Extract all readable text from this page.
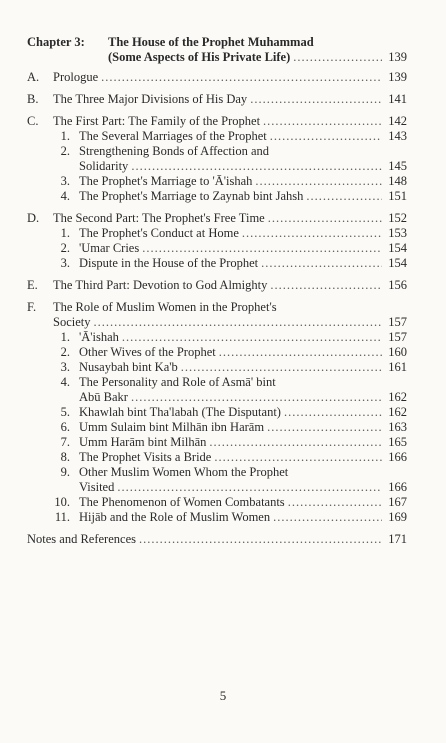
Chapter 3: The House of the Prophet Muhammad
(Some Aspects of His Private Life) .....	139
A.	Prologue .....	139
B.	The Three Major Divisions of His Day .....	141
C.	The First Part: The Family of the Prophet .....	142
1. The Several Marriages of the Prophet .....	143
2. Strengthening Bonds of Affection and
Solidarity .....	145
3. The Prophet's Marriage to 'Ā'ishah .....	148
4. The Prophet's Marriage to Zaynab bint Jahsh .....	151
D.	The Second Part: The Prophet's Free Time .....	152
1. The Prophet's Conduct at Home .....	153
2. 'Umar Cries .....	154
3. Dispute in the House of the Prophet .....	154
E.	The Third Part: Devotion to God Almighty .....	156
F.	The Role of Muslim Women in the Prophet's
Society .....	157
1. 'Ā'ishah .....	157
2. Other Wives of the Prophet .....	160
3. Nusaybah bint Ka'b .....	161
4. The Personality and Role of Asmā' bint
Abū Bakr .....	162
5. Khawlah bint Tha'labah (The Disputant) .....	162
6. Umm Sulaim bint Milhān ibn Harām .....	163
7. Umm Harām bint Milhān .....	165
8. The Prophet Visits a Bride .....	166
9. Other Muslim Women Whom the Prophet
Visited .....	166
10. The Phenomenon of Women Combatants .....	167
11. Hijāb and the Role of Muslim Women .....	169
Notes and References .....	171
5
